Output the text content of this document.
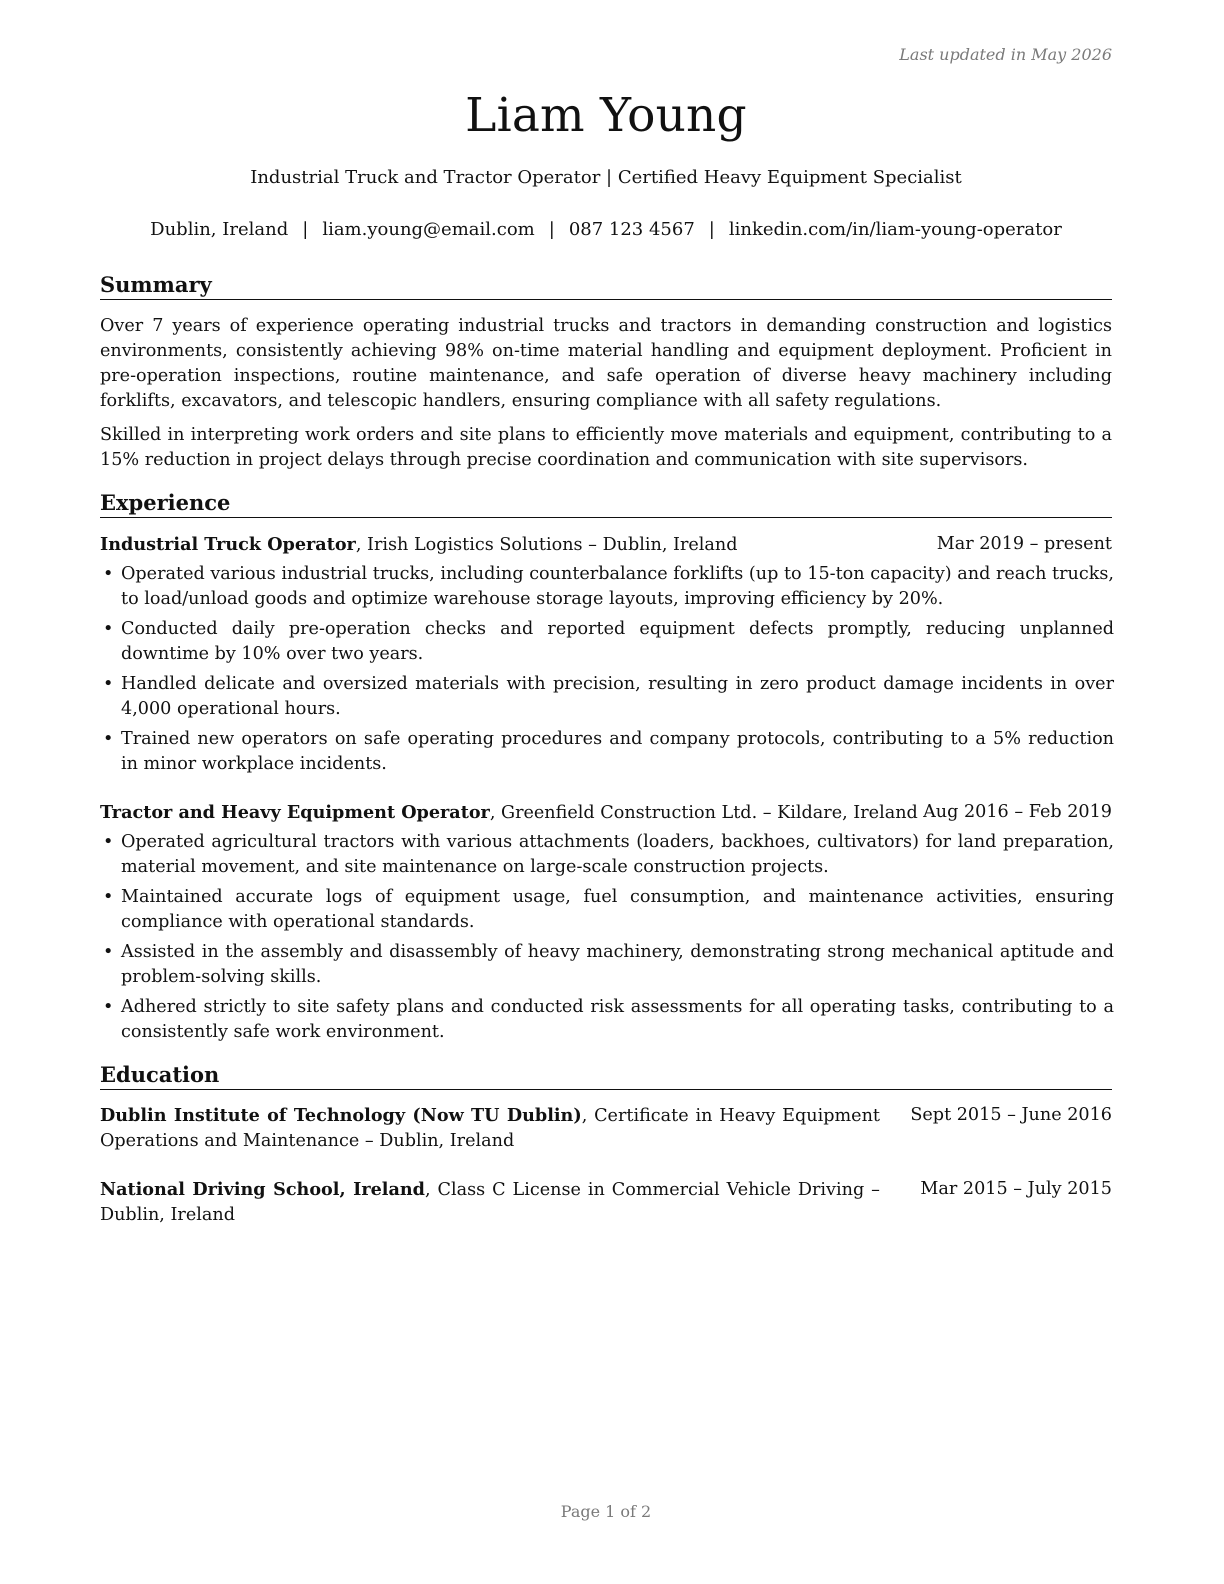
Last updated in May 2026
Liam Young
Industrial Truck and Tractor Operator | Certified Heavy Equipment Specialist
Dublin, Ireland | liam.young@email.com | 087 123 4567 | linkedin.com/in/liam-young-operator
Summary

Over 7 years of experience operating industrial trucks and tractors in demanding construction and logistics environments, consistently achieving 98% on-time material handling and equipment deployment. Proficient in pre-operation inspections, routine maintenance, and safe operation of diverse heavy machinery including forklifts, excavators, and telescopic handlers, ensuring compliance with all safety regulations.

Skilled in interpreting work orders and site plans to efficiently move materials and equipment, contributing to a 15% reduction in project delays through precise coordination and communication with site supervisors.

Experience
Industrial Truck Operator, Irish Logistics Solutions – Dublin, Ireland	Mar 2019 – present
• Operated various industrial trucks, including counterbalance forklifts (up to 15-ton capacity) and reach trucks, to load/unload goods and optimize warehouse storage layouts, improving efficiency by 20%.
• Conducted daily pre-operation checks and reported equipment defects promptly, reducing unplanned downtime by 10% over two years.
• Handled delicate and oversized materials with precision, resulting in zero product damage incidents in over 4,000 operational hours.
• Trained new operators on safe operating procedures and company protocols, contributing to a 5% reduction in minor workplace incidents.
Tractor and Heavy Equipment Operator, Greenfield Construction Ltd. – Kildare, Ireland Aug 2016 – Feb 2019
• Operated agricultural tractors with various attachments (loaders, backhoes, cultivators) for land preparation, material movement, and site maintenance on large-scale construction projects.
• Maintained accurate logs of equipment usage, fuel consumption, and maintenance activities, ensuring compliance with operational standards.
• Assisted in the assembly and disassembly of heavy machinery, demonstrating strong mechanical aptitude and problem-solving skills.
• Adhered strictly to site safety plans and conducted risk assessments for all operating tasks, contributing to a consistently safe work environment.
Education
Dublin Institute of Technology (Now TU Dublin), Certificate in Heavy Equipment Operations and Maintenance – Dublin, Ireland
Sept 2015 – June 2016
National Driving School, Ireland, Class C License in Commercial Vehicle Driving – Dublin, Ireland
Mar 2015 – July 2015
Page 1 of 2
